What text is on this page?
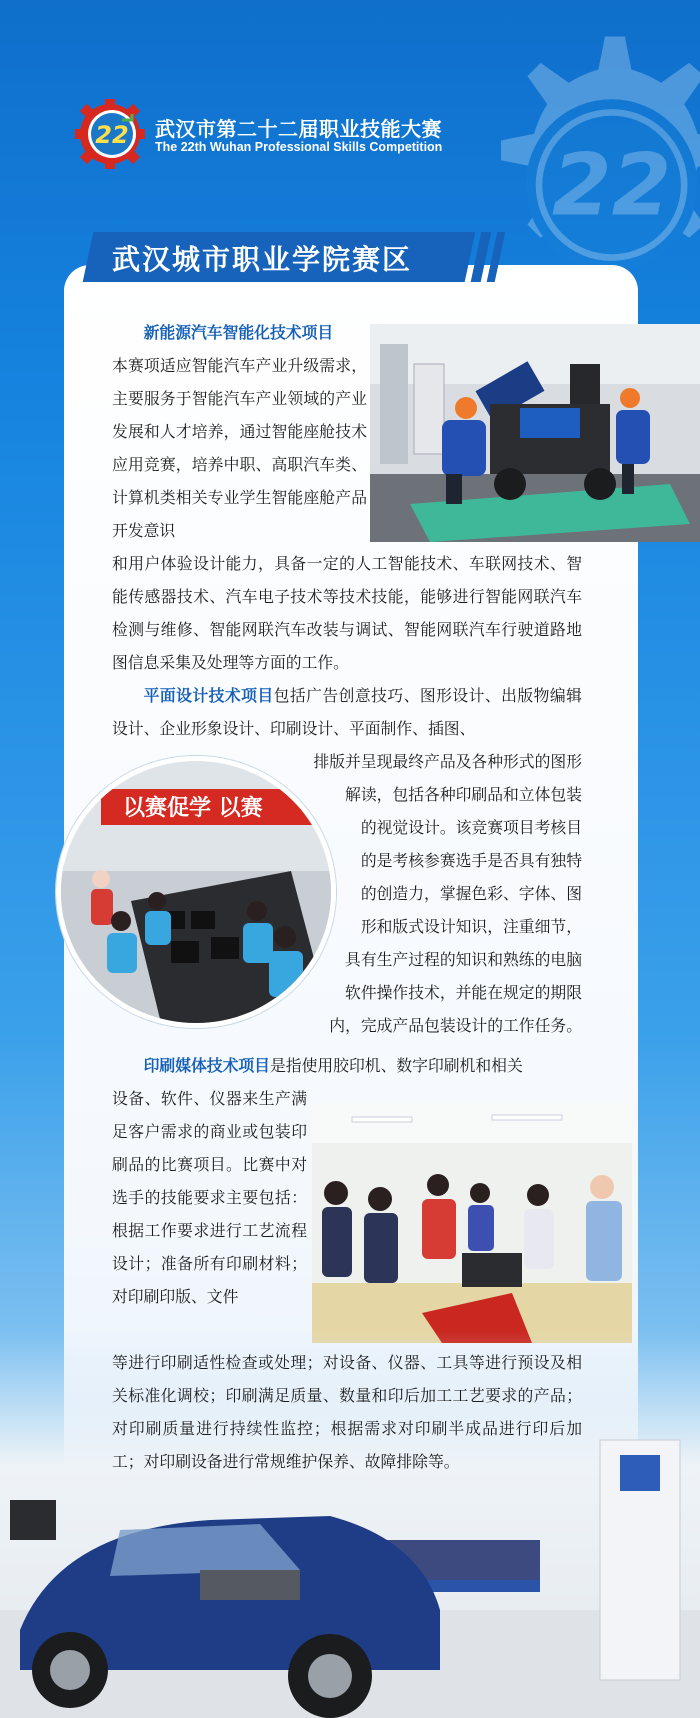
22
22 武汉市第二十二届职业技能大赛
The 22th Wuhan Professional Skills Competition
武汉城市职业学院赛区
以赛促学 以赛
新能源汽车智能化技术项目
本赛项适应智能汽车产业升级需求，主要服务于智能汽车产业领域的产业发展和人才培养，通过智能座舱技术应用竞赛，培养中职、高职汽车类、计算机类相关专业学生智能座舱产品开发意识
和用户体验设计能力，具备一定的人工智能技术、车联网技术、智能传感器技术、汽车电子技术等技术技能，能够进行智能网联汽车检测与维修、智能网联汽车改装与调试、智能网联汽车行驶道路地图信息采集及处理等方面的工作。
平面设计技术项目包括广告创意技巧、图形设计、出版物编辑设计、企业形象设计、印刷设计、平面制作、插图、
排版并呈现最终产品及各种形式的图形
解读，包括各种印刷品和立体包装
的视觉设计。该竞赛项目考核目
的是考核参赛选手是否具有独特
的创造力，掌握色彩、字体、图
形和版式设计知识，注重细节，
具有生产过程的知识和熟练的电脑
软件操作技术，并能在规定的期限
内，完成产品包装设计的工作任务。
印刷媒体技术项目是指使用胶印机、数字印刷机和相关
设备、软件、仪器来生产满足客户需求的商业或包装印刷品的比赛项目。比赛中对选手的技能要求主要包括：根据工作要求进行工艺流程设计；准备所有印刷材料；对印刷印版、文件
等进行印刷适性检查或处理；对设备、仪器、工具等进行预设及相关标准化调校；印刷满足质量、数量和印后加工工艺要求的产品；对印刷质量进行持续性监控；根据需求对印刷半成品进行印后加工；对印刷设备进行常规维护保养、故障排除等。
